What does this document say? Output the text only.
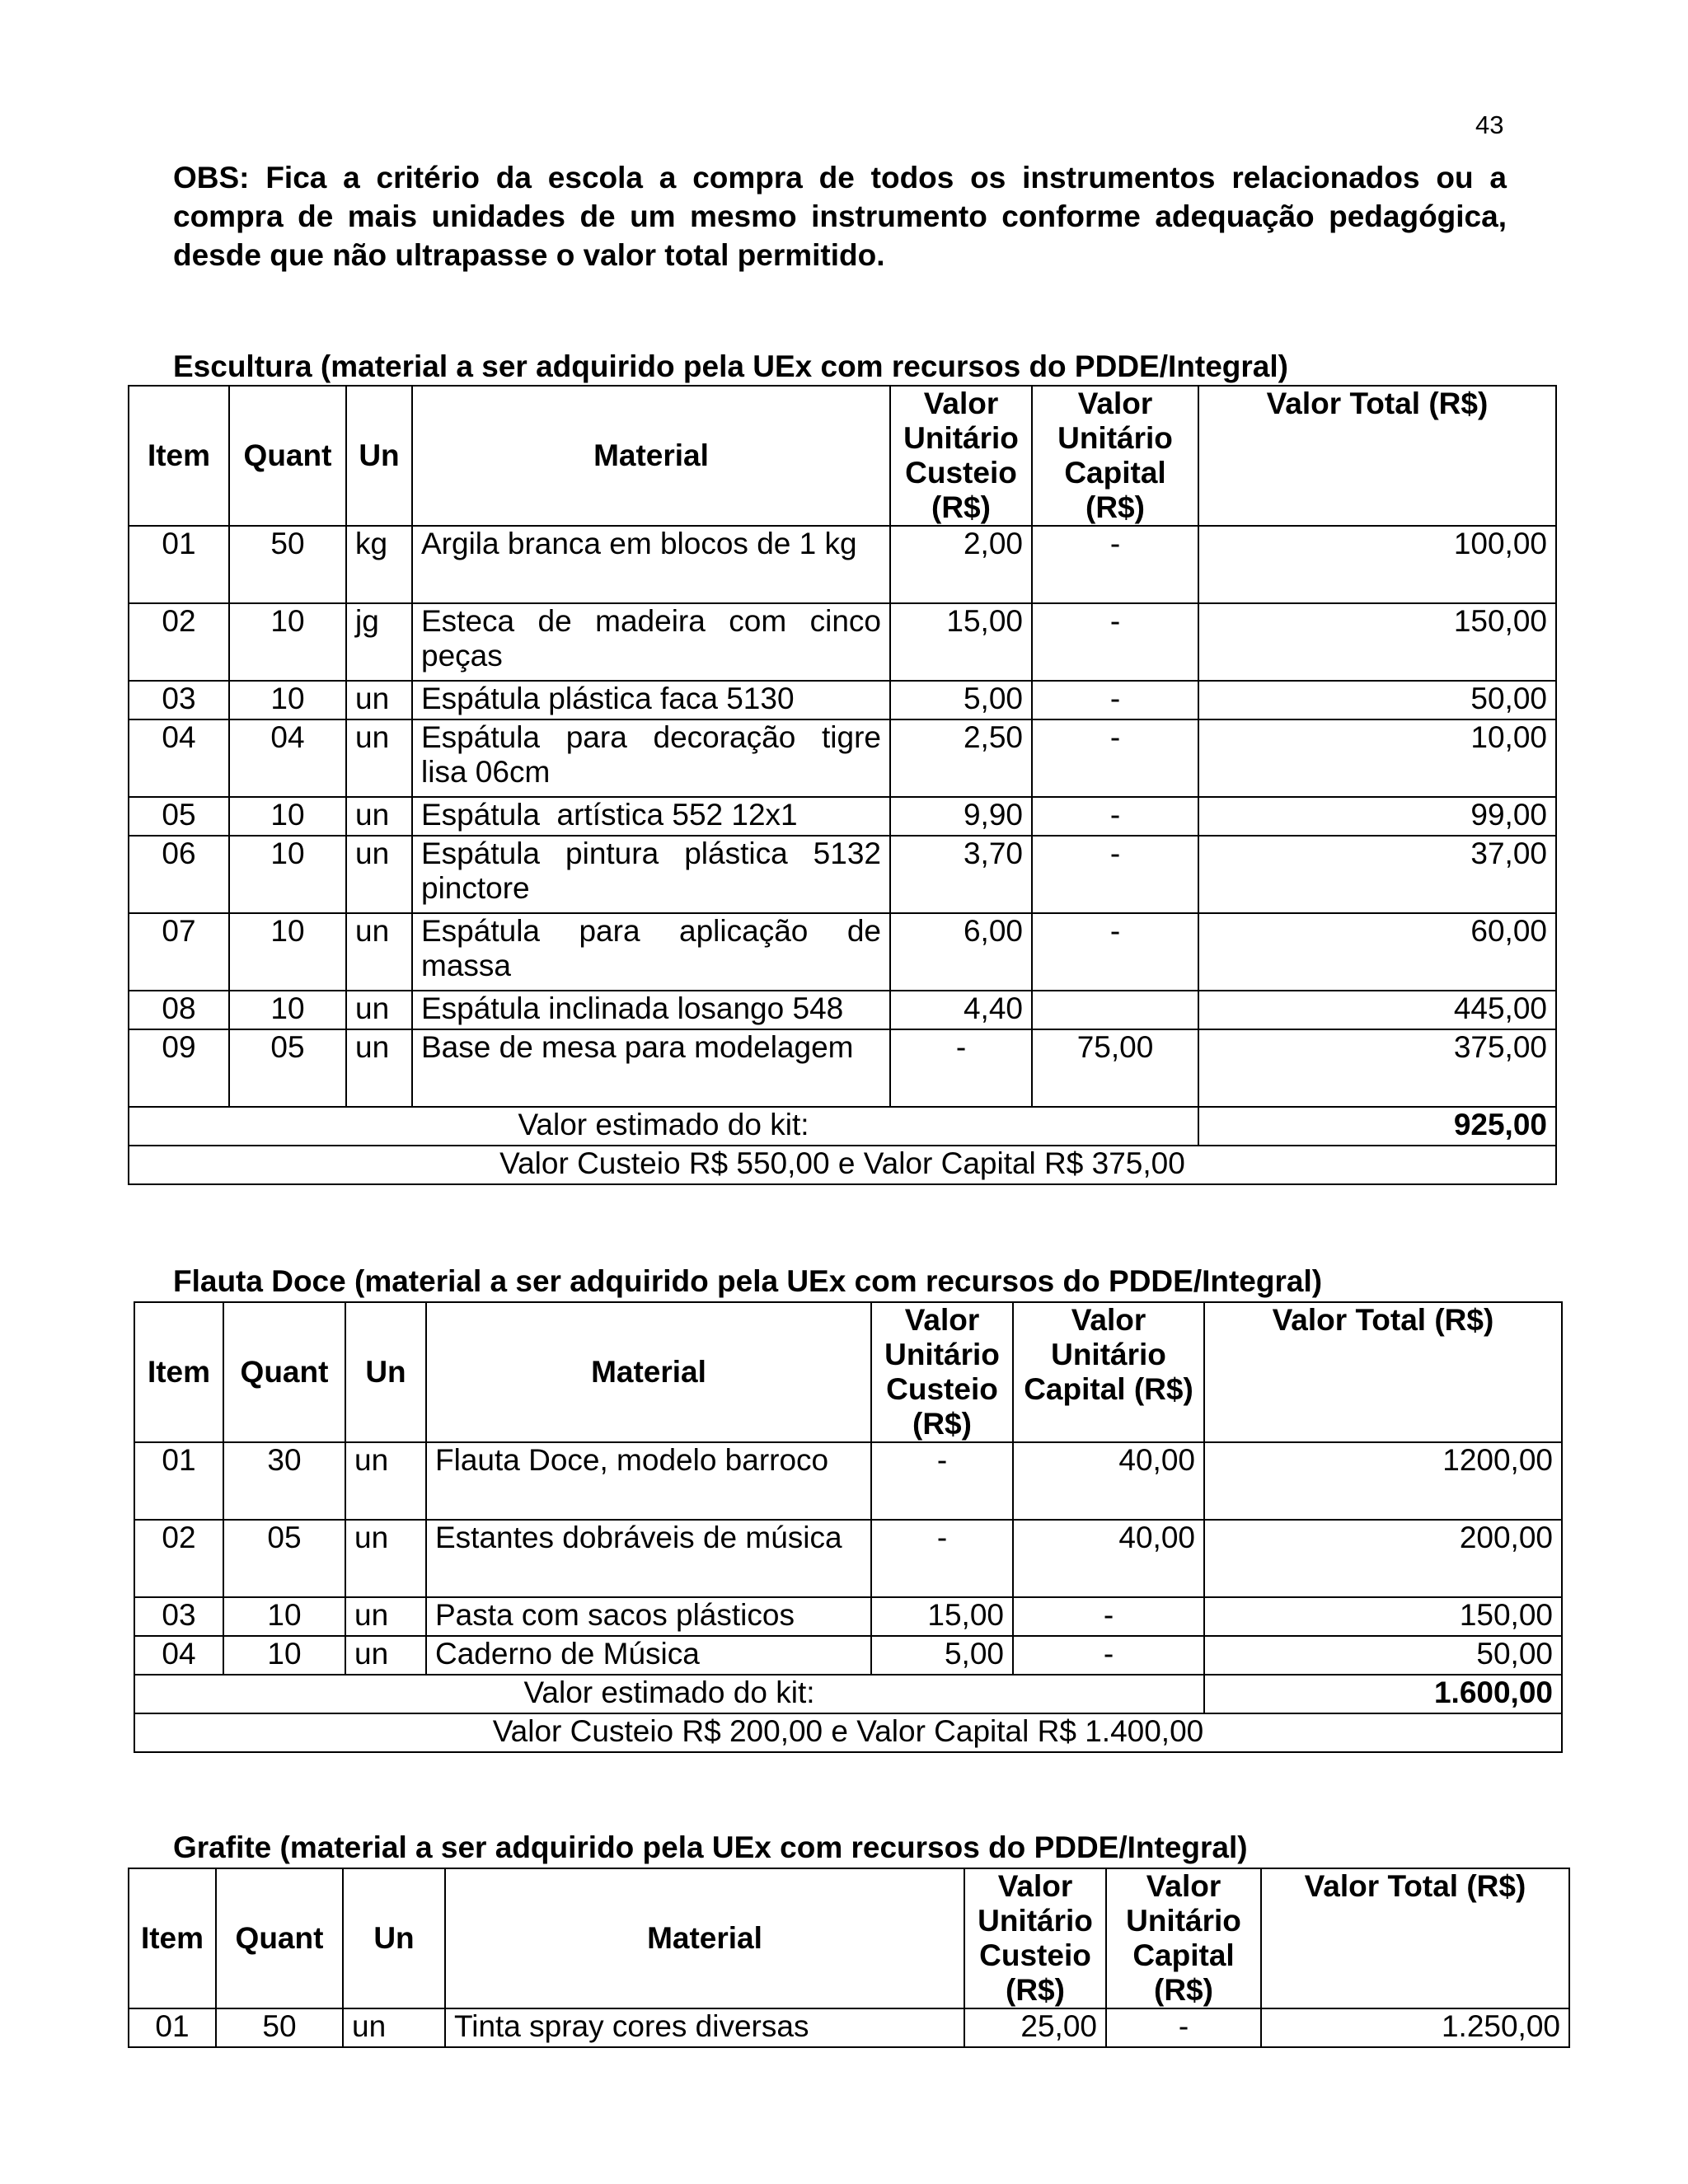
43
OBS: Fica a critério da escola a compra de todos os instrumentos relacionados ou a compra de mais unidades de um mesmo instrumento conforme adequação pedagógica, desde que não ultrapasse o valor total permitido.
Escultura (material a ser adquirido pela UEx com recursos do PDDE/Integral)
Item	Quant	Un	Material	Valor Unitário Custeio (R$)	Valor Unitário Capital (R$)	Valor Total (R$)
01	50	kg	Argila branca em blocos de 1 kg	2,00	-	100,00
02	10	jg	Esteca de madeira com cinco peças	15,00	-	150,00
03	10	un	Espátula plástica faca 5130	5,00	-	50,00
04	04	un	Espátula para decoração tigre lisa 06cm	2,50	-	10,00
05	10	un	Espátula  artística 552 12x1	9,90	-	99,00
06	10	un	Espátula pintura plástica 5132 pinctore	3,70	-	37,00
07	10	un	Espátula para aplicação de massa	6,00	-	60,00
08	10	un	Espátula inclinada losango 548	4,40		445,00
09	05	un	Base de mesa para modelagem	-	75,00	375,00
Valor estimado do kit:						925,00
Valor Custeio R$ 550,00 e Valor Capital R$ 375,00						
Flauta Doce (material a ser adquirido pela UEx com recursos do PDDE/Integral)
Item	Quant	Un	Material	Valor Unitário Custeio (R$)	Valor Unitário Capital (R$)	Valor Total (R$)
01	30	un	Flauta Doce, modelo barroco	-	40,00	1200,00
02	05	un	Estantes dobráveis de música	-	40,00	200,00
03	10	un	Pasta com sacos plásticos	15,00	-	150,00
04	10	un	Caderno de Música	5,00	-	50,00
Valor estimado do kit:						1.600,00
Valor Custeio R$ 200,00 e Valor Capital R$ 1.400,00						
Grafite (material a ser adquirido pela UEx com recursos do PDDE/Integral)
Item	Quant	Un	Material	Valor Unitário Custeio (R$)	Valor Unitário Capital (R$)	Valor Total (R$)
01	50	un	Tinta spray cores diversas	25,00	-	1.250,00
